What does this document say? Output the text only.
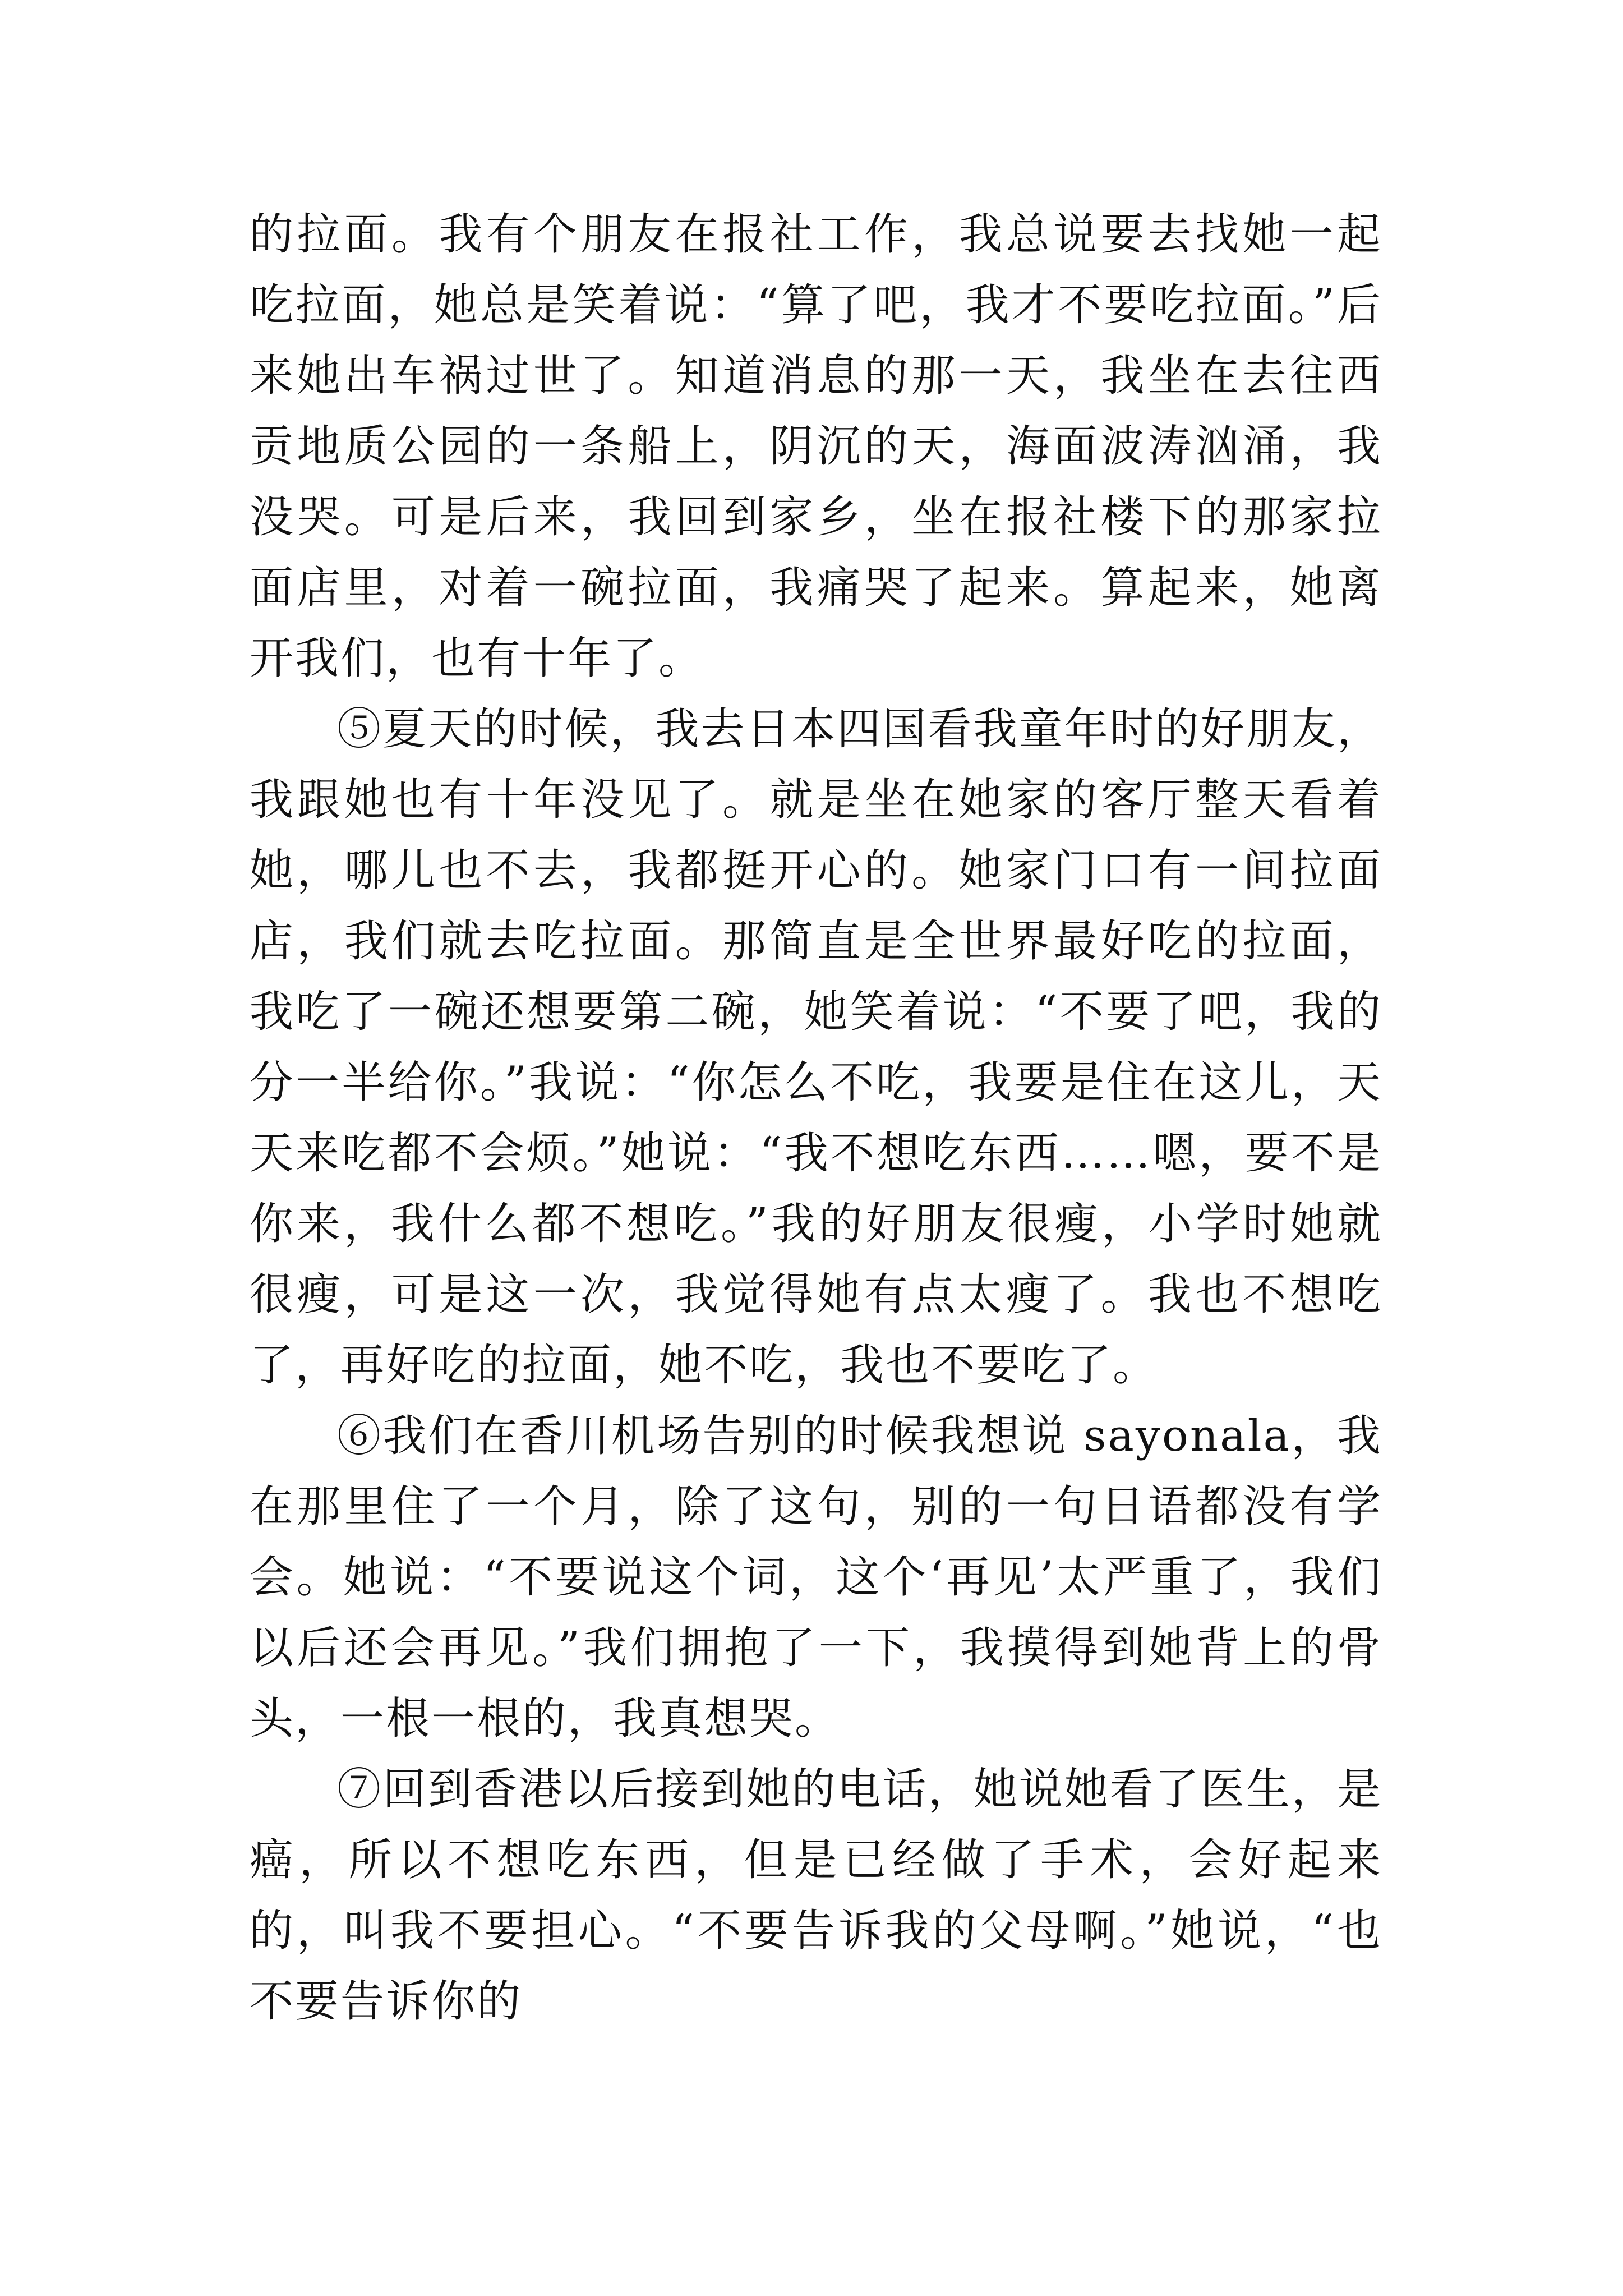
的拉面。我有个朋友在报社工作，我总说要去找她一起吃拉面，她总是笑着说：“算了吧，我才不要吃拉面。”后来她出车祸过世了。知道消息的那一天，我坐在去往西贡地质公园的一条船上，阴沉的天，海面波涛汹涌，我没哭。可是后来，我回到家乡，坐在报社楼下的那家拉面店里，对着一碗拉面，我痛哭了起来。算起来，她离开我们，也有十年了。

⑤夏天的时候，我去日本四国看我童年时的好朋友，我跟她也有十年没见了。就是坐在她家的客厅整天看着她，哪儿也不去，我都挺开心的。她家门口有一间拉面店，我们就去吃拉面。那简直是全世界最好吃的拉面，我吃了一碗还想要第二碗，她笑着说：“不要了吧，我的分一半给你。”我说：“你怎么不吃，我要是住在这儿，天天来吃都不会烦。”她说：“我不想吃东西……嗯，要不是你来，我什么都不想吃。”我的好朋友很瘦，小学时她就很瘦，可是这一次，我觉得她有点太瘦了。我也不想吃了，再好吃的拉面，她不吃，我也不要吃了。

⑥我们在香川机场告别的时候我想说 sayonala，我在那里住了一个月，除了这句，别的一句日语都没有学会。她说：“不要说这个词，这个‘再见’太严重了，我们以后还会再见。”我们拥抱了一下，我摸得到她背上的骨头，一根一根的，我真想哭。

⑦回到香港以后接到她的电话，她说她看了医生，是癌，所以不想吃东西，但是已经做了手术，会好起来的，叫我不要担心。“不要告诉我的父母啊。”她说，“也不要告诉你的
